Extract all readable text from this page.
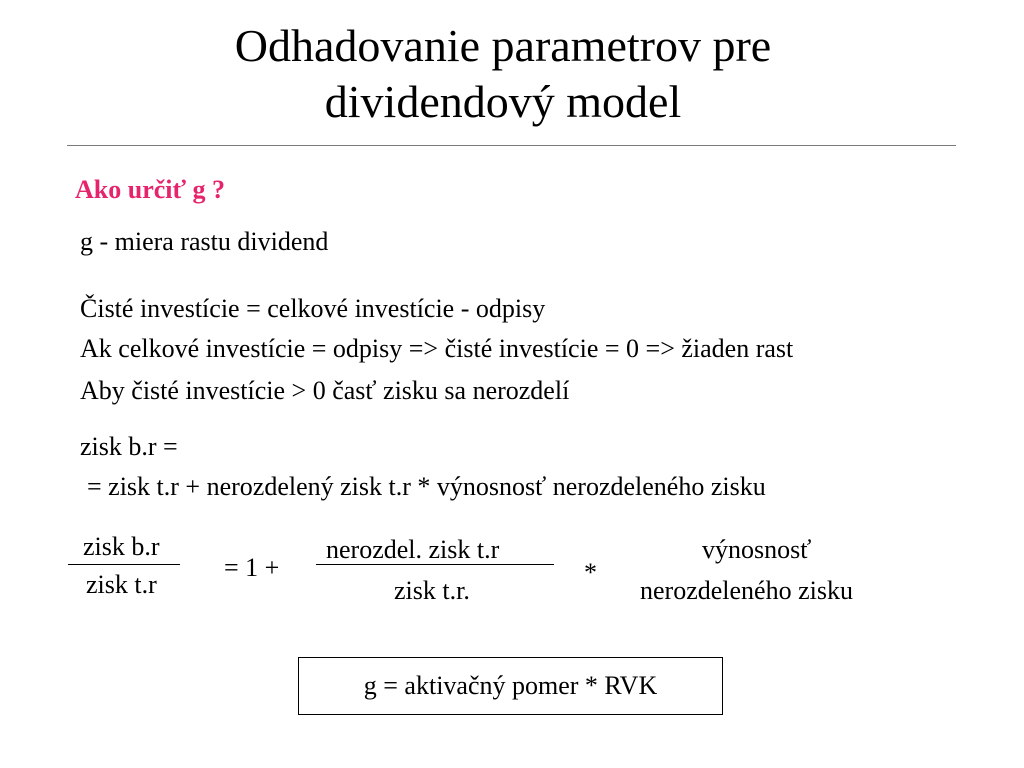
Odhadovanie parametrov pre
dividendový model
Ako určiť g ?
g - miera rastu dividend
Čisté investície = celkové investície - odpisy
Ak celkové investície = odpisy => čisté investície = 0 => žiaden rast
Aby čisté investície > 0 časť zisku sa nerozdelí
zisk b.r =
= zisk t.r + nerozdelený zisk t.r * výnosnosť nerozdeleného zisku
zisk b.r
zisk t.r
= 1 +
nerozdel. zisk t.r
zisk t.r.
*
výnosnosť
nerozdeleného zisku
g = aktivačný pomer * RVK
